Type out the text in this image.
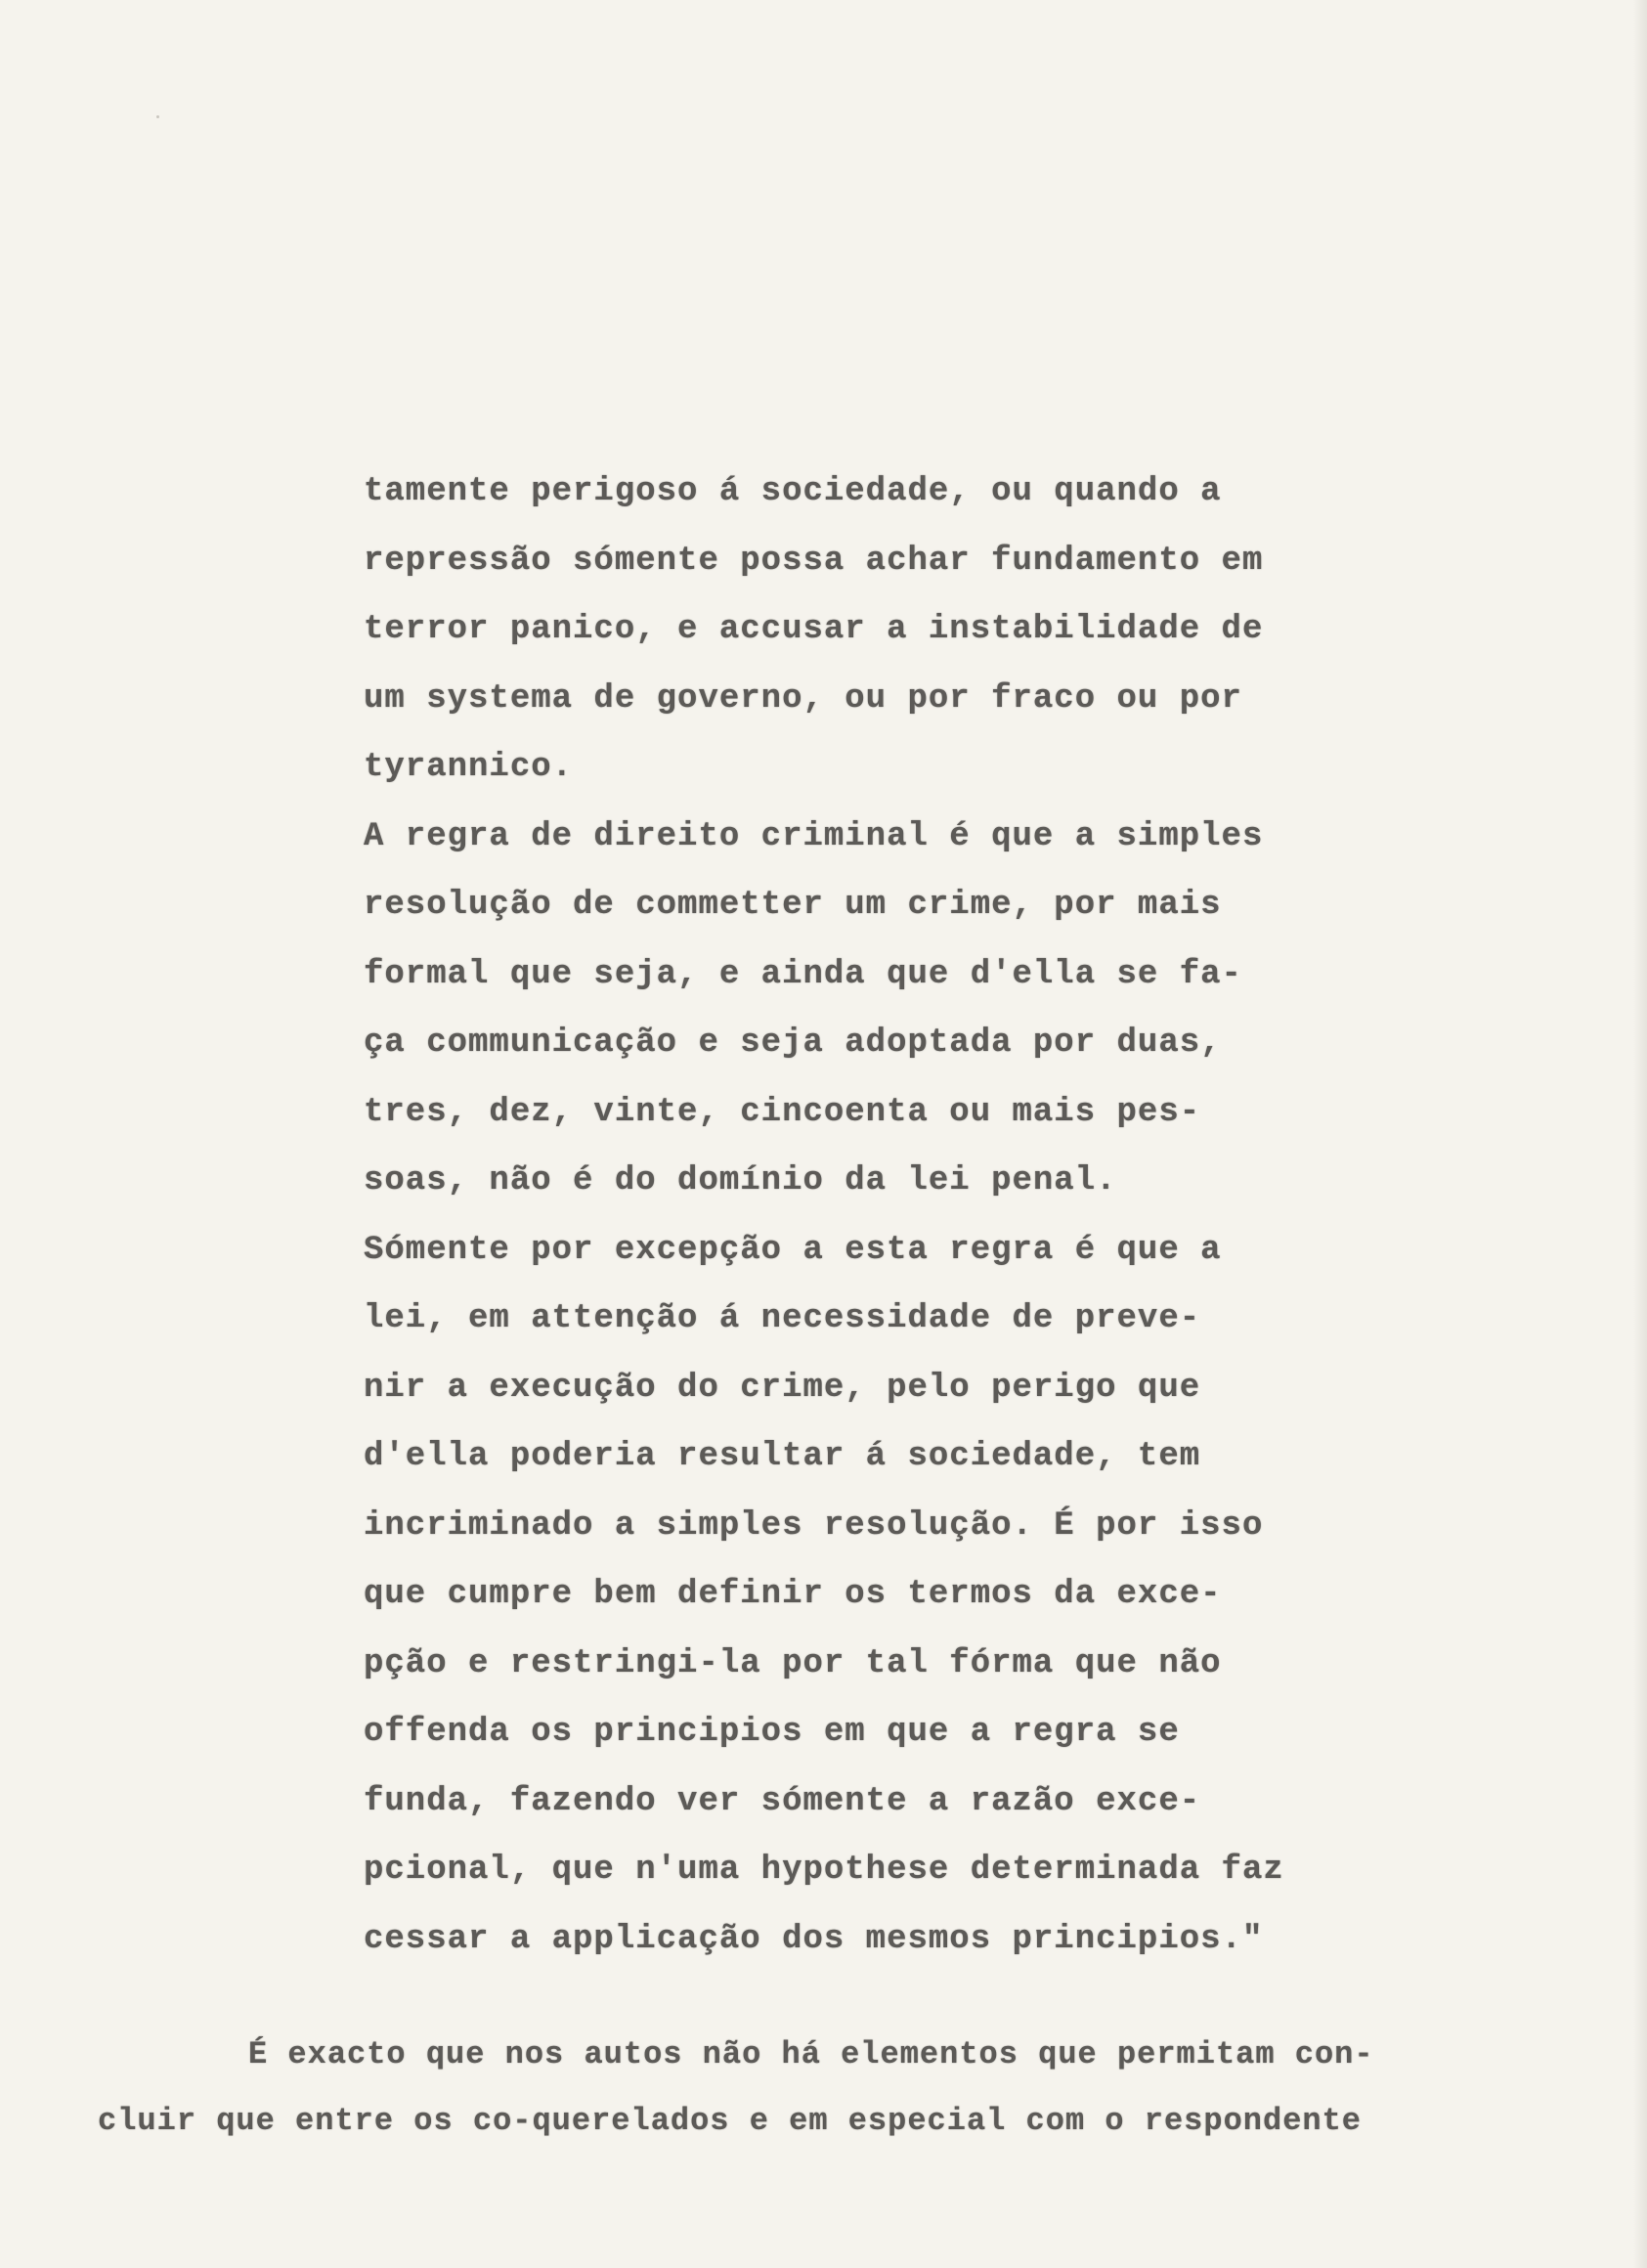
tamente perigoso á sociedade, ou quando a
repressão sómente possa achar fundamento em
terror panico, e accusar a instabilidade de
um systema de governo, ou por fraco ou por
tyrannico.
A regra de direito criminal é que a simples
resolução de commetter um crime, por mais
formal que seja, e ainda que d'ella se fa-
ça communicação e seja adoptada por duas,
tres, dez, vinte, cincoenta ou mais pes-
soas, não é do domínio da lei penal.
Sómente por excepção a esta regra é que a
lei, em attenção á necessidade de preve-
nir a execução do crime, pelo perigo que
d'ella poderia resultar á sociedade, tem
incriminado a simples resolução. É por isso
que cumpre bem definir os termos da exce-
pção e restringi-la por tal fórma que não
offenda os principios em que a regra se
funda, fazendo ver sómente a razão exce-
pcional, que n'uma hypothese determinada faz
cessar a applicação dos mesmos principios."
É exacto que nos autos não há elementos que permitam con-
cluir que entre os co-querelados e em especial com o respondente
